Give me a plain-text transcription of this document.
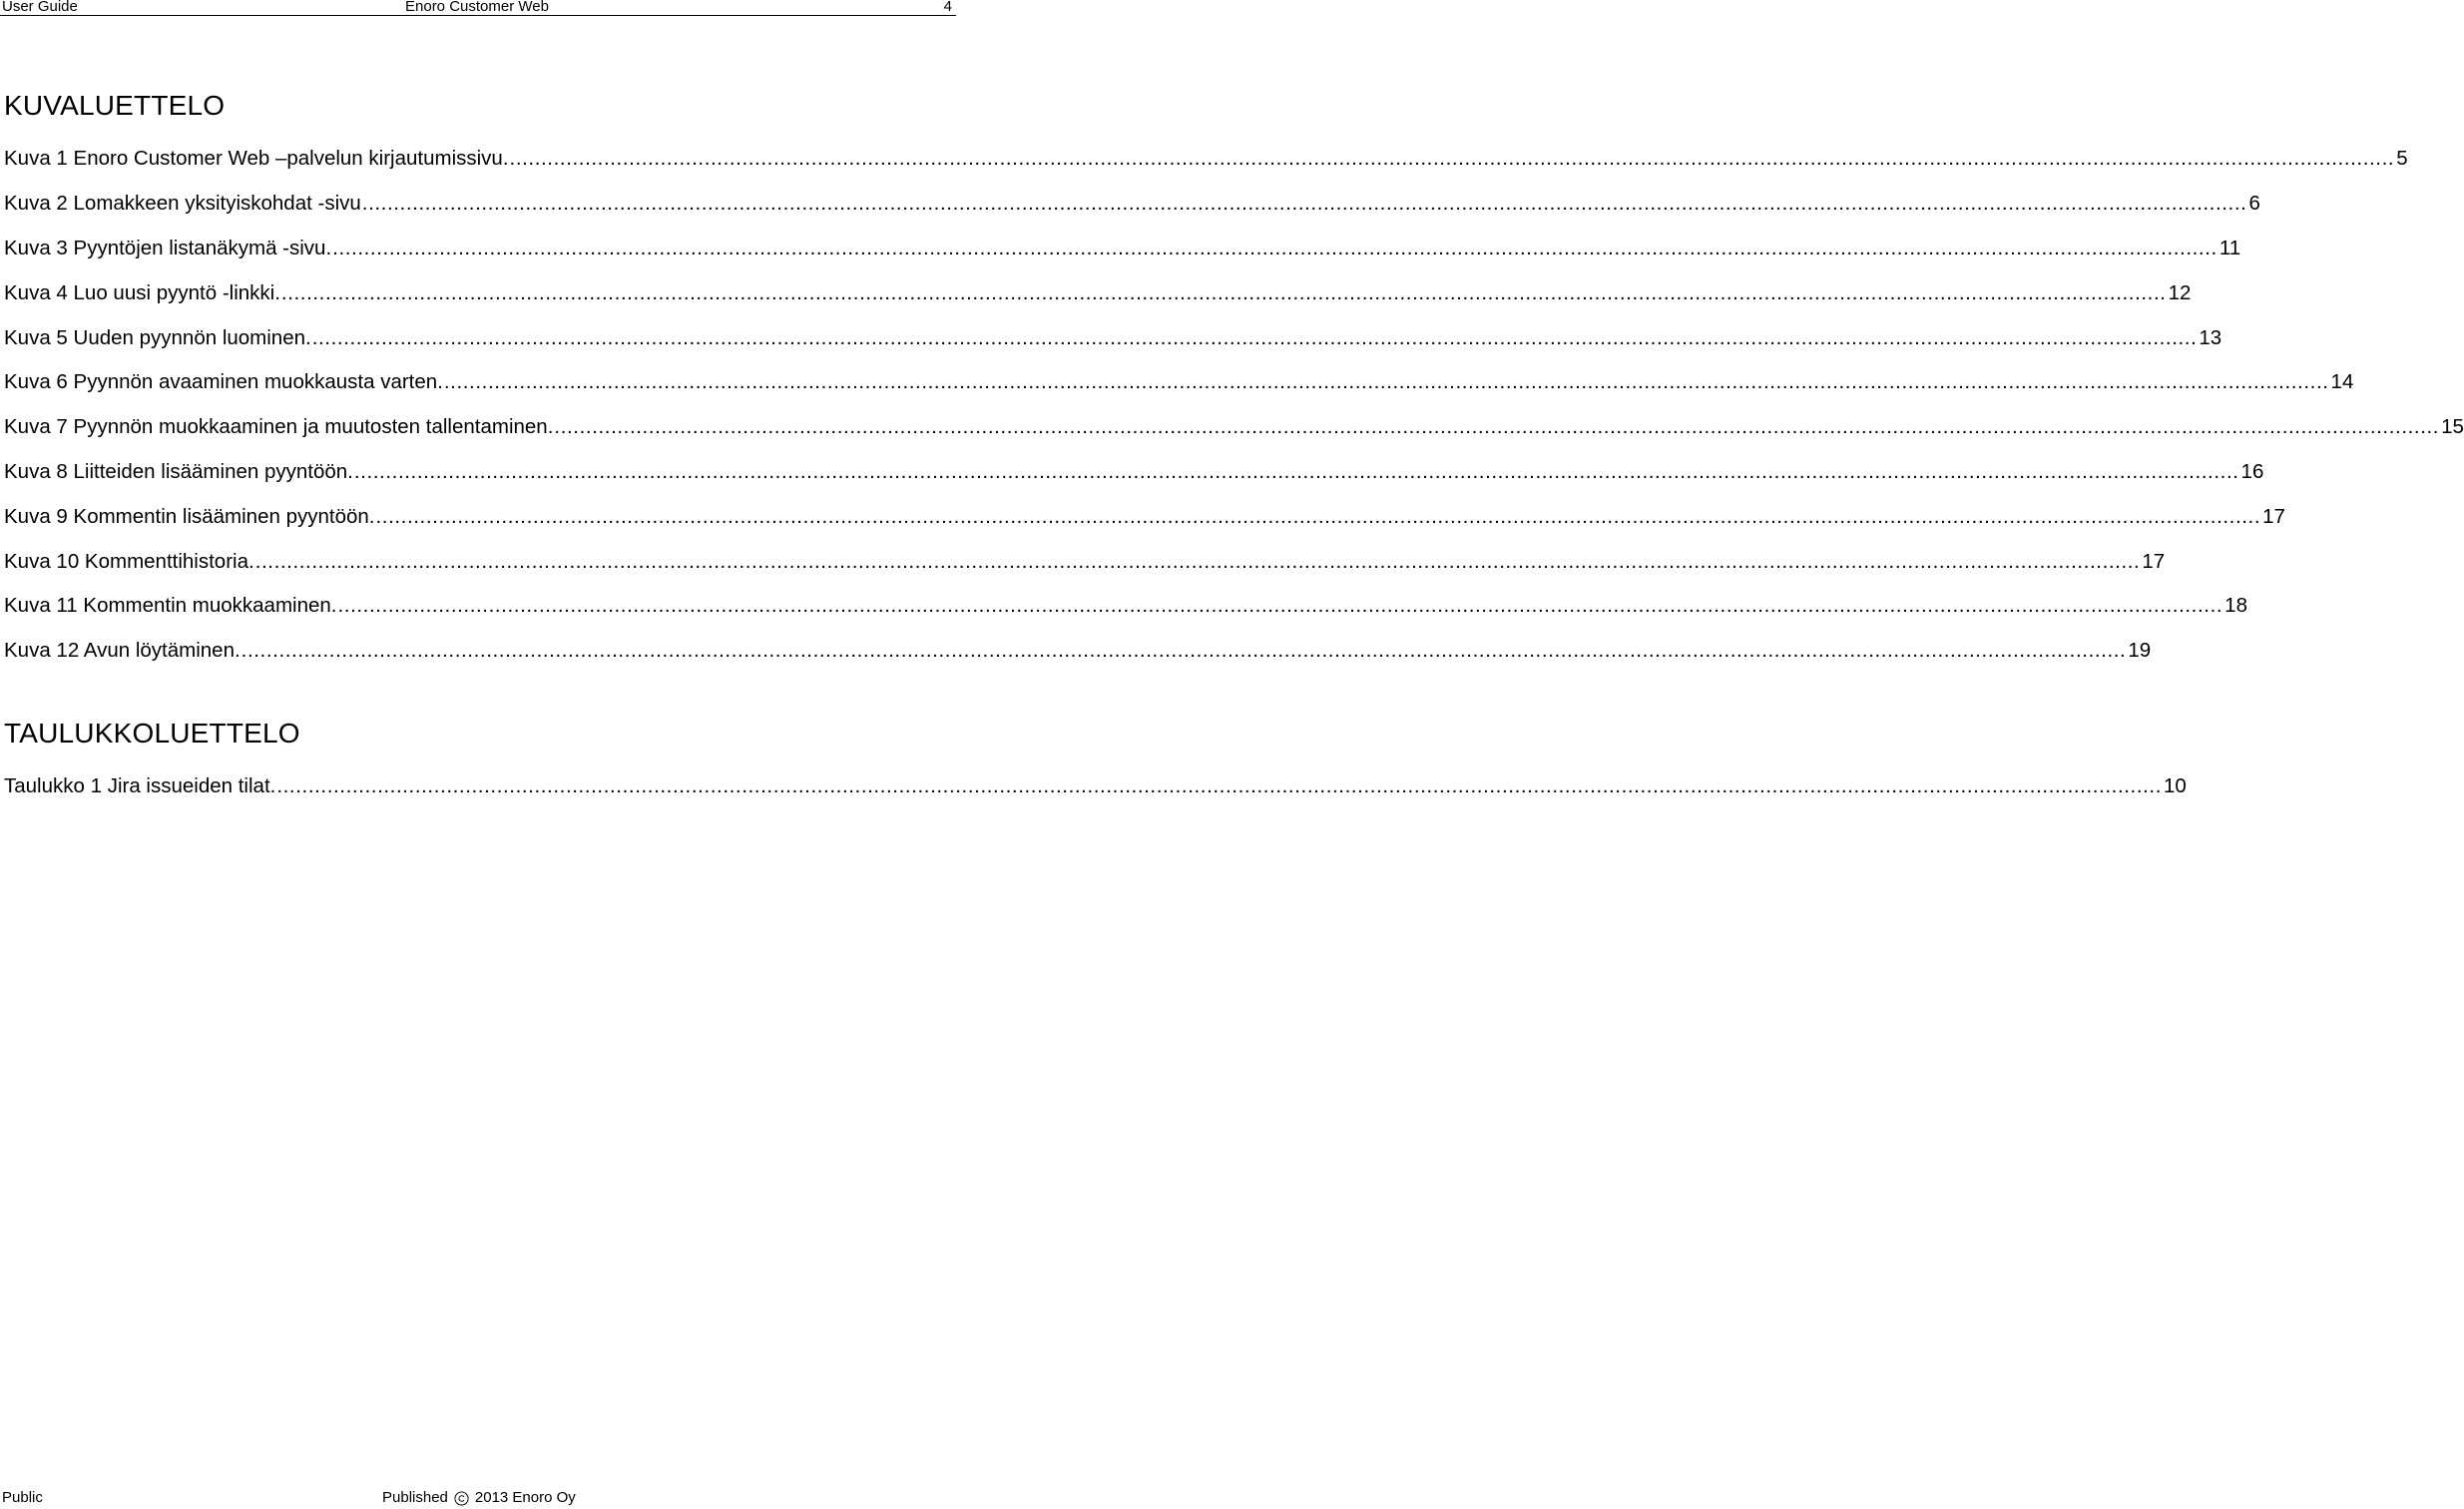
User Guide	Enoro Customer Web	4
KUVALUETTELO
Kuva 1 Enoro Customer Web –palvelun kirjautumissivu. ............................................................................................................................................................................................................................................................................................................ 5
Kuva 2 Lomakkeen yksityiskohdat -sivu ............................................................................................................................................................................................................................................................................................................ 6
Kuva 3 Pyyntöjen listanäkymä -sivu. ............................................................................................................................................................................................................................................................................................................ 11
Kuva 4 Luo uusi pyyntö -linkki. ............................................................................................................................................................................................................................................................................................................ 12
Kuva 5 Uuden pyynnön luominen. ............................................................................................................................................................................................................................................................................................................ 13
Kuva 6 Pyynnön avaaminen muokkausta varten. ............................................................................................................................................................................................................................................................................................................ 14
Kuva 7 Pyynnön muokkaaminen ja muutosten tallentaminen. ............................................................................................................................................................................................................................................................................................................ 15
Kuva 8 Liitteiden lisääminen pyyntöön. ............................................................................................................................................................................................................................................................................................................ 16
Kuva 9 Kommentin lisääminen pyyntöön. ............................................................................................................................................................................................................................................................................................................ 17
Kuva 10 Kommenttihistoria. ............................................................................................................................................................................................................................................................................................................ 17
Kuva 11 Kommentin muokkaaminen. ............................................................................................................................................................................................................................................................................................................ 18
Kuva 12 Avun löytäminen. ............................................................................................................................................................................................................................................................................................................ 19
TAULUKKOLUETTELO
Taulukko 1 Jira issueiden tilat. ............................................................................................................................................................................................................................................................................................................ 10
Public	Published 2013 Enoro Oy
